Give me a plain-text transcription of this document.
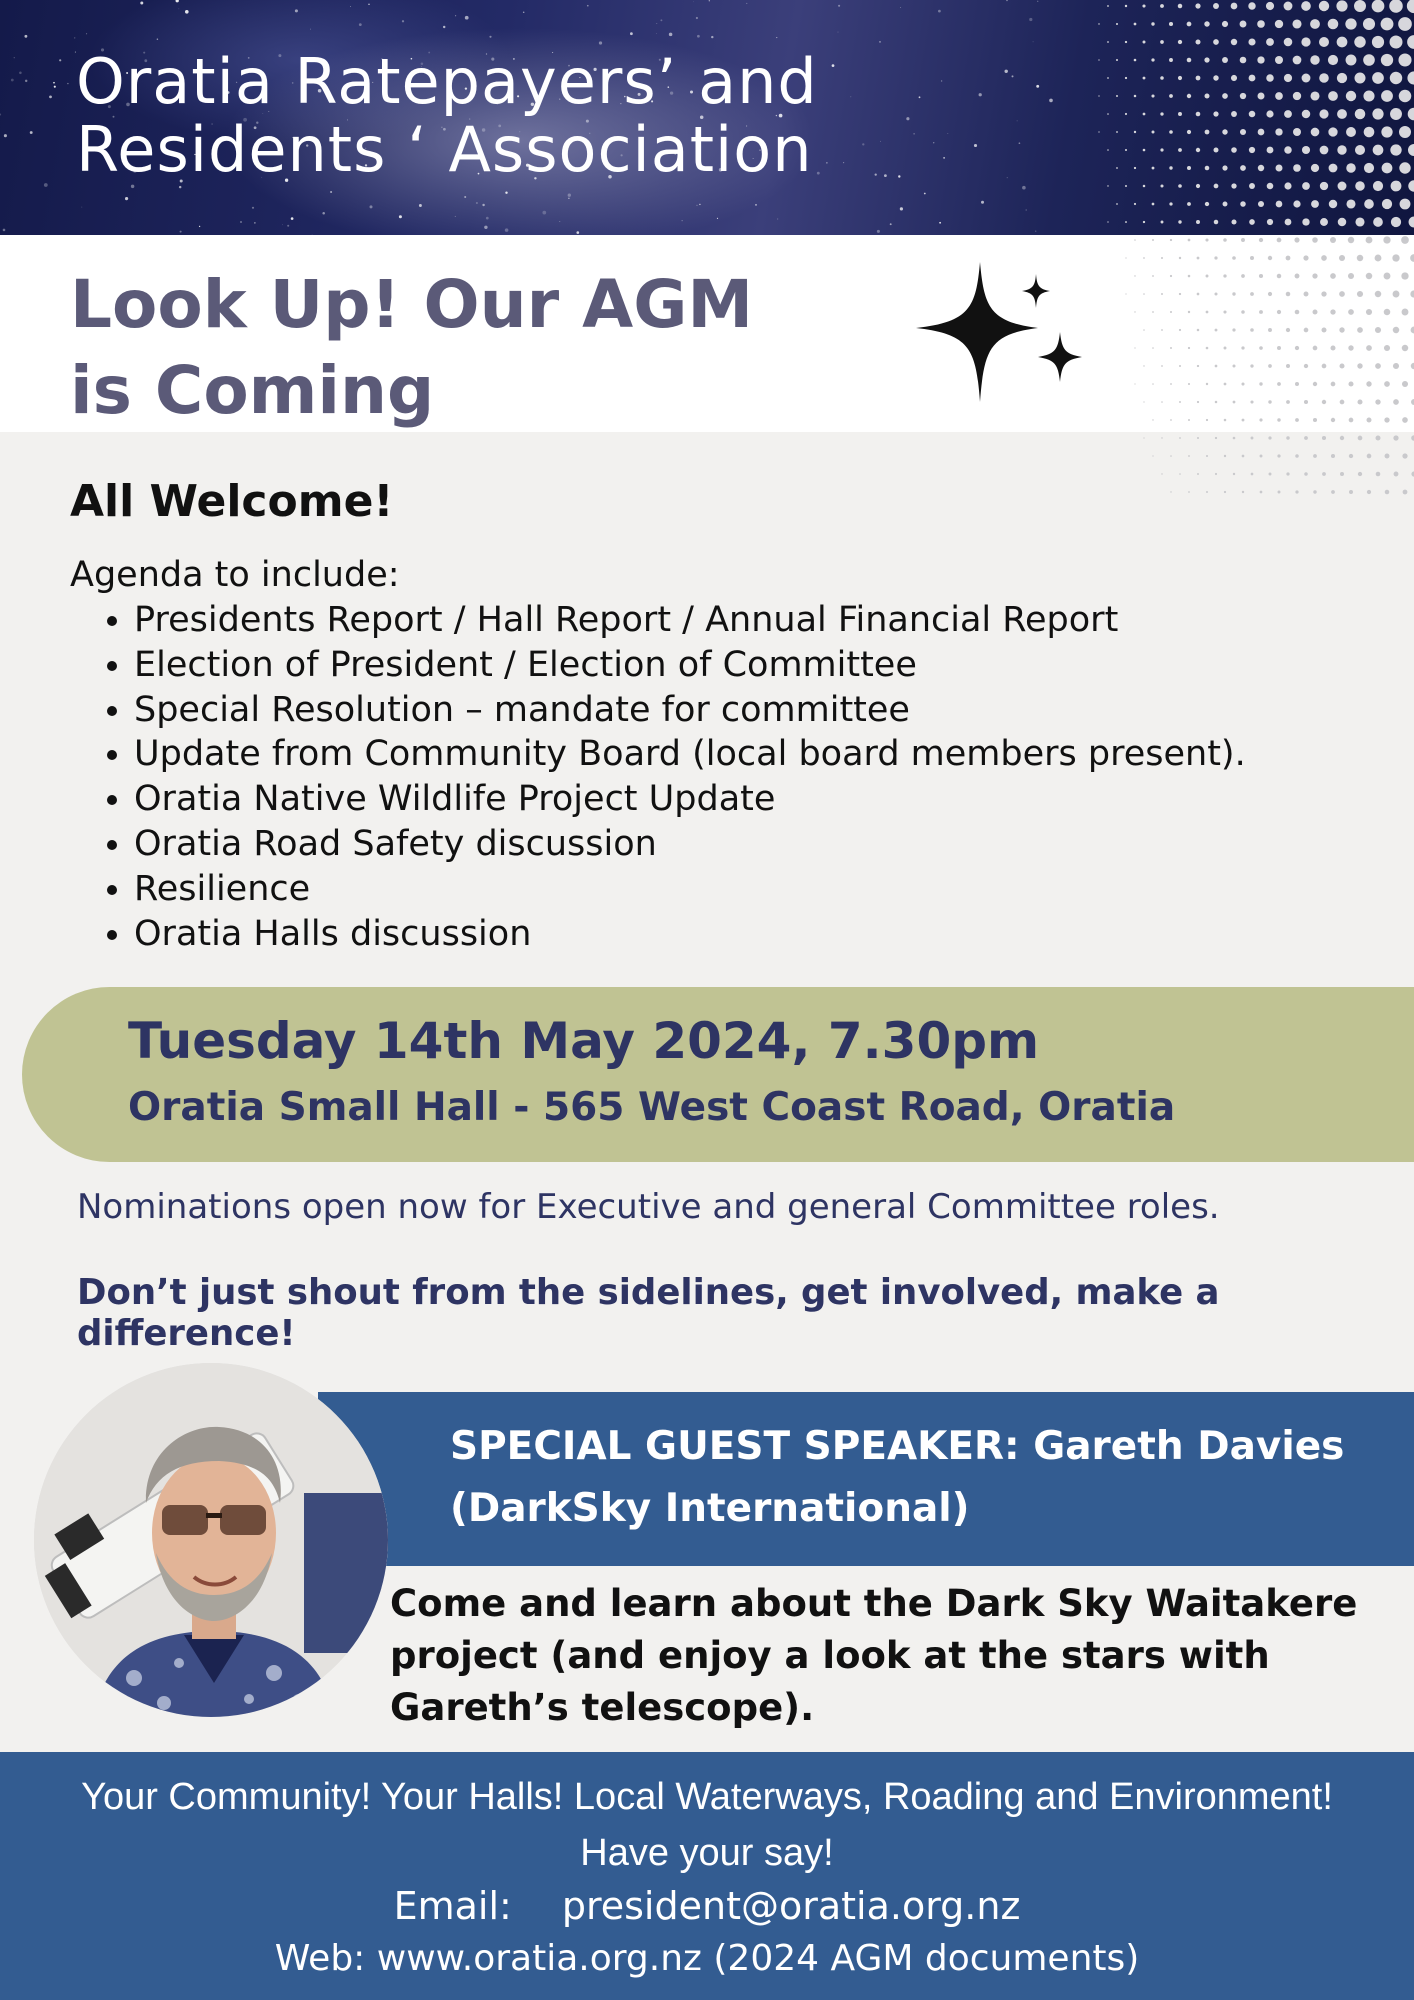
Oratia Ratepayers’ and
Residents ‘ Association
Look Up! Our AGM is Coming
All Welcome!

Agenda to include:

• Presidents Report / Hall Report / Annual Financial Report
• Election of President / Election of Committee
• Special Resolution – mandate for committee
• Update from Community Board (local board members present).
• Oratia Native Wildlife Project Update
• Oratia Road Safety discussion
• Resilience
• Oratia Halls discussion

Tuesday 14th May 2024, 7.30pm

Oratia Small Hall - 565 West Coast Road, Oratia

Nominations open now for Executive and general Committee roles.

Don’t just shout from the sidelines, get involved, make a difference!

SPECIAL GUEST SPEAKER: Gareth Davies
(DarkSky International)

Come and learn about the Dark Sky Waitakere project (and enjoy a look at the stars with Gareth’s telescope).

Your Community! Your Halls! Local Waterways, Roading and Environment!

Have your say!

Email: president@oratia.org.nz

Web: www.oratia.org.nz (2024 AGM documents)
